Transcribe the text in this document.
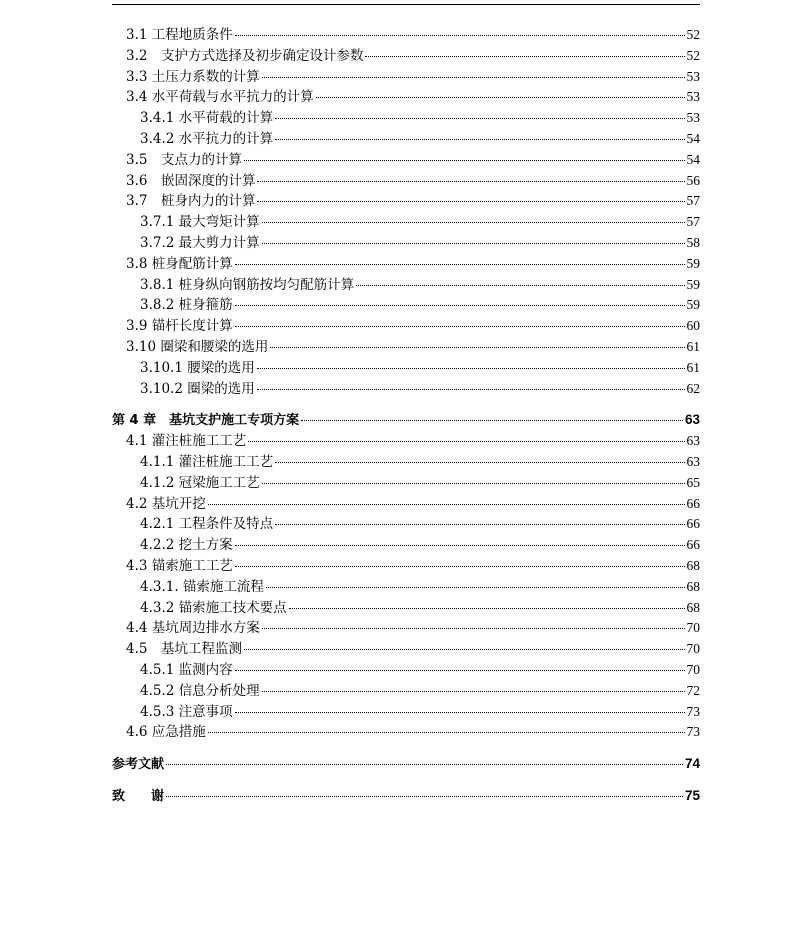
3.1 工程地质条件	52
3.2　支护方式选择及初步确定设计参数	52
3.3 土压力系数的计算	53
3.4 水平荷载与水平抗力的计算	53
3.4.1 水平荷载的计算	53
3.4.2 水平抗力的计算	54
3.5　支点力的计算	54
3.6　嵌固深度的计算	56
3.7　桩身内力的计算	57
3.7.1 最大弯矩计算	57
3.7.2 最大剪力计算	58
3.8 桩身配筋计算	59
3.8.1 桩身纵向钢筋按均匀配筋计算	59
3.8.2 桩身箍筋	59
3.9 锚杆长度计算	60
3.10 圈梁和腰梁的选用	61
3.10.1 腰梁的选用	61
3.10.2 圈梁的选用	62
第 4 章　基坑支护施工专项方案	63
4.1 灌注桩施工工艺	63
4.1.1 灌注桩施工工艺	63
4.1.2 冠梁施工工艺	65
4.2 基坑开挖	66
4.2.1 工程条件及特点	66
4.2.2 挖土方案	66
4.3 锚索施工工艺	68
4.3.1. 锚索施工流程	68
4.3.2 锚索施工技术要点	68
4.4 基坑周边排水方案	70
4.5　基坑工程监测	70
4.5.1 监测内容	70
4.5.2 信息分析处理	72
4.5.3 注意事项	73
4.6 应急措施	73
参考文献	74
致　　谢	75
